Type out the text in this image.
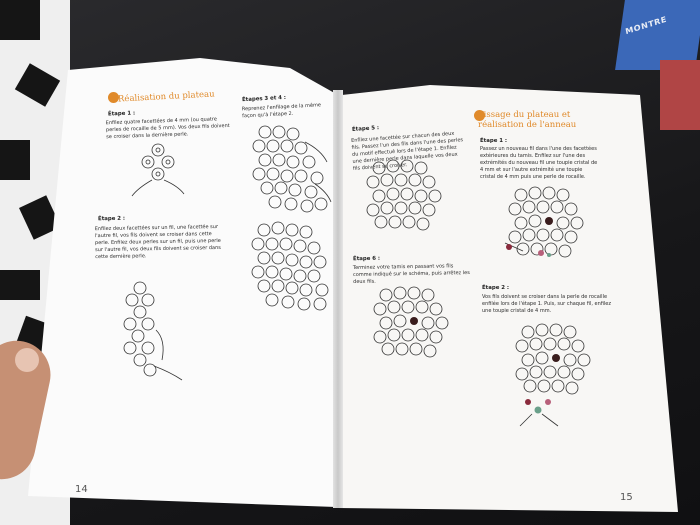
MONTRE
Réalisation du plateau
Étape 1 :
Enfilez quatre facettées de 4 mm (ou quatre perles de rocaille de 5 mm). Vos deux fils doivent se croiser dans la dernière perle.
Étape 2 :
Enfilez deux facettées sur un fil, une facettée sur l'autre fil, vos fils doivent se croiser dans cette perle. Enfilez deux perles sur un fil, puis une perle sur l'autre fil, vos deux fils doivent se croiser dans cette dernière perle.
Étapes 3 et 4 :
Reprenez l'enfilage de la même façon qu'à l'étape 2.
14
Étape 5 :
Enfilez une facettée sur chacun des deux fils. Passez l'un des fils dans l'une des perles du motif effectué lors de l'étape 1. Enfilez une dernière perle dans laquelle vos deux fils doivent se croiser.
Étape 6 :
Terminez votre tamis en passant vos fils comme indiqué sur le schéma, puis arrêtez les deux fils.
Tissage du plateau et réalisation de l'anneau
Étape 1 :
Passez un nouveau fil dans l'une des facettées extérieures du tamis. Enfilez sur l'une des extrémités du nouveau fil une toupie cristal de 4 mm et sur l'autre extrémité une toupie cristal de 4 mm puis une perle de rocaille.
Étape 2 :
Vos fils doivent se croiser dans la perle de rocaille enfilée lors de l'étape 1. Puis, sur chaque fil, enfilez une toupie cristal de 4 mm.
15
